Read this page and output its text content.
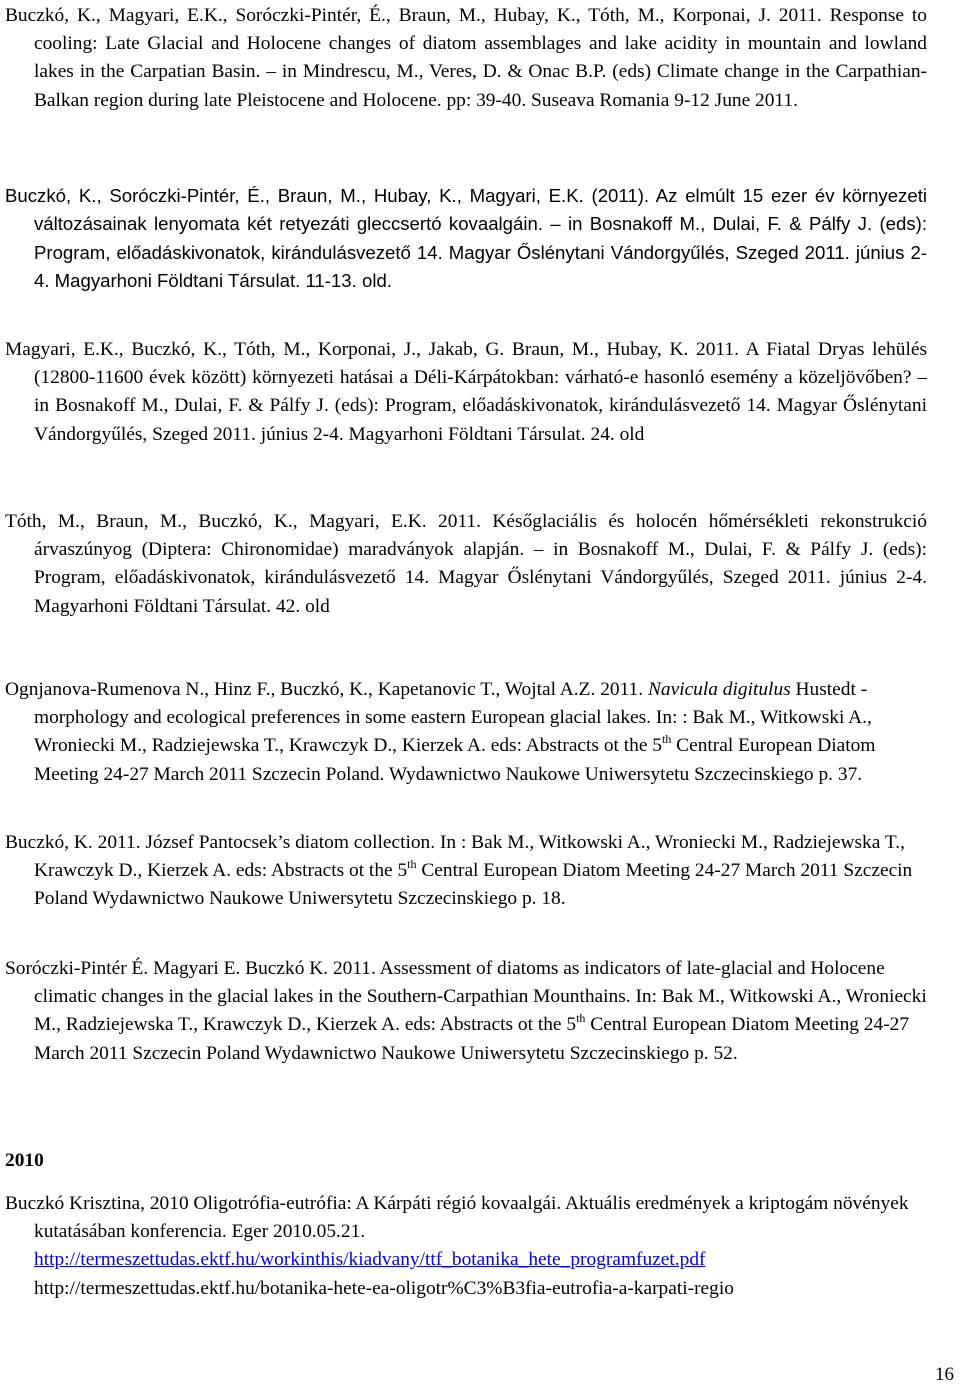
Buczkó, K., Magyari, E.K., Soróczki-Pintér, É., Braun, M., Hubay, K., Tóth, M., Korponai, J. 2011. Response to cooling: Late Glacial and Holocene changes of diatom assemblages and lake acidity in mountain and lowland lakes in the Carpatian Basin. – in Mindrescu, M., Veres, D. & Onac B.P. (eds) Climate change in the Carpathian-Balkan region during late Pleistocene and Holocene. pp: 39-40. Suseava Romania 9-12 June 2011.

Buczkó, K., Soróczki-Pintér, É., Braun, M., Hubay, K., Magyari, E.K. (2011). Az elmúlt 15 ezer év környezeti változásainak lenyomata két retyezáti gleccsertó kovaalgáin. – in Bosnakoff M., Dulai, F. & Pálfy J. (eds): Program, előadáskivonatok, kirándulásvezető 14. Magyar Őslénytani Vándorgyűlés, Szeged 2011. június 2-4. Magyarhoni Földtani Társulat. 11-13. old.

Magyari, E.K., Buczkó, K., Tóth, M., Korponai, J., Jakab, G. Braun, M., Hubay, K. 2011. A Fiatal Dryas lehülés (12800-11600 évek között) környezeti hatásai a Déli-Kárpátokban: várható-e hasonló esemény a közeljövőben? – in Bosnakoff M., Dulai, F. & Pálfy J. (eds): Program, előadáskivonatok, kirándulásvezető 14. Magyar Őslénytani Vándorgyűlés, Szeged 2011. június 2-4. Magyarhoni Földtani Társulat. 24. old

Tóth, M., Braun, M., Buczkó, K., Magyari, E.K. 2011. Későglaciális és holocén hőmérsékleti rekonstrukció árvaszúnyog (Diptera: Chironomidae) maradványok alapján. – in Bosnakoff M., Dulai, F. & Pálfy J. (eds): Program, előadáskivonatok, kirándulásvezető 14. Magyar Őslénytani Vándorgyűlés, Szeged 2011. június 2-4. Magyarhoni Földtani Társulat. 42. old

Ognjanova-Rumenova N., Hinz F., Buczkó, K., Kapetanovic T., Wojtal A.Z. 2011. Navicula digitulus Hustedt - morphology and ecological preferences in some eastern European glacial lakes. In: : Bak M., Witkowski A., Wroniecki M., Radziejewska T., Krawczyk D., Kierzek A. eds: Abstracts ot the 5th Central European Diatom Meeting 24-27 March 2011 Szczecin Poland. Wydawnictwo Naukowe Uniwersytetu Szczecinskiego p. 37.

Buczkó, K. 2011. József Pantocsek’s diatom collection. In : Bak M., Witkowski A., Wroniecki M., Radziejewska T., Krawczyk D., Kierzek A. eds: Abstracts ot the 5th Central European Diatom Meeting 24-27 March 2011 Szczecin Poland Wydawnictwo Naukowe Uniwersytetu Szczecinskiego p. 18.

Soróczki-Pintér É. Magyari E. Buczkó K. 2011. Assessment of diatoms as indicators of late-glacial and Holocene climatic changes in the glacial lakes in the Southern-Carpathian Mounthains. In: Bak M., Witkowski A., Wroniecki M., Radziejewska T., Krawczyk D., Kierzek A. eds: Abstracts ot the 5th Central European Diatom Meeting 24-27 March 2011 Szczecin Poland Wydawnictwo Naukowe Uniwersytetu Szczecinskiego p. 52.

2010

Buczkó Krisztina, 2010 Oligotrófia-eutrófia: A Kárpáti régió kovaalgái. Aktuális eredmények a kriptogám növények kutatásában konferencia. Eger 2010.05.21.
http://termeszettudas.ektf.hu/workinthis/kiadvany/ttf_botanika_hete_programfuzet.pdf
http://termeszettudas.ektf.hu/botanika-hete-ea-oligotr%C3%B3fia-eutrofia-a-karpati-regio

16
